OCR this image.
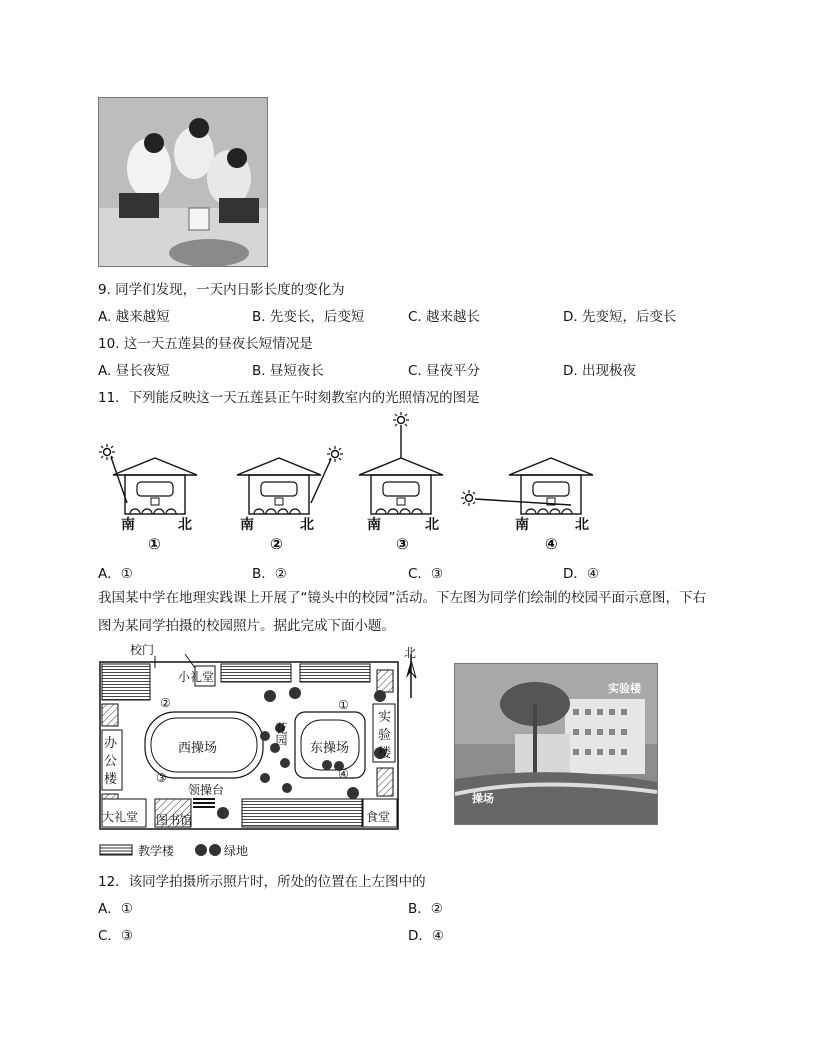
9. 同学们发现，一天内日影长度的变化为
A. 越来越短	B. 先变长，后变短	C. 越来越长	D. 先变短，后变长
10. 这一天五莲县的昼夜长短情况是
A. 昼长夜短	B. 昼短夜长	C. 昼夜平分	D. 出现极夜
11．下列能反映这一天五莲县正午时刻教室内的光照情况的图是
南	北
①
南	北
②
南	北
③
南	北
④
A．①	B．②	C．③	D．④
我国某中学在地理实践课上开展了“镜头中的校园”活动。下左图为同学们绘制的校园平面示意图，下右图为某同学拍摄的校园照片。据此完成下面小题。
校门
小礼堂
北
②	①
西操场	东操场
花园
办
公
楼
实
验
楼
③	④
领操台
大礼堂 图书馆	食堂
教学楼	绿地
实验楼
操场
12．该同学拍摄所示照片时，所处的位置在上左图中的
A．①	B．②
C．③	D．④
